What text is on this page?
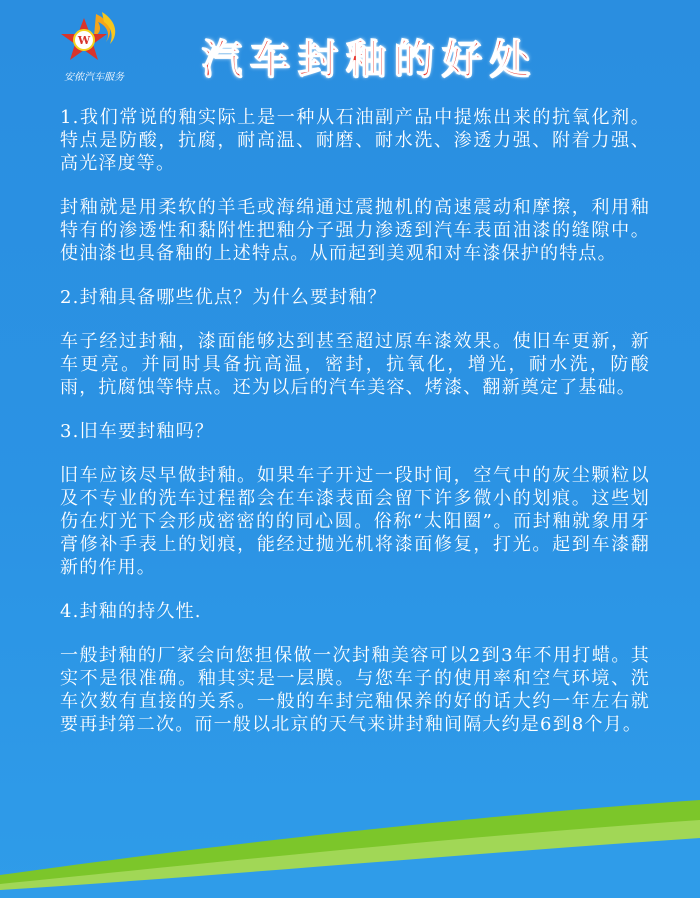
W
安侬汽车服务	汽车封釉的好处

1.我们常说的釉实际上是一种从石油副产品中提炼出来的抗氧化剂。特点是防酸，抗腐，耐高温、耐磨、耐水洗、渗透力强、附着力强、高光泽度等。

封釉就是用柔软的羊毛或海绵通过震抛机的高速震动和摩擦，利用釉特有的渗透性和黏附性把釉分子强力渗透到汽车表面油漆的缝隙中。使油漆也具备釉的上述特点。从而起到美观和对车漆保护的特点。

2.封釉具备哪些优点？为什么要封釉？

车子经过封釉，漆面能够达到甚至超过原车漆效果。使旧车更新，新车更亮。并同时具备抗高温，密封，抗氧化，增光，耐水洗，防酸雨，抗腐蚀等特点。还为以后的汽车美容、烤漆、翻新奠定了基础。

3.旧车要封釉吗？

旧车应该尽早做封釉。如果车子开过一段时间，空气中的灰尘颗粒以及不专业的洗车过程都会在车漆表面会留下许多微小的划痕。这些划伤在灯光下会形成密密的的同心圆。俗称“太阳圈”。而封釉就象用牙膏修补手表上的划痕，能经过抛光机将漆面修复，打光。起到车漆翻新的作用。

4.封釉的持久性.

一般封釉的厂家会向您担保做一次封釉美容可以2到3年不用打蜡。其实不是很准确。釉其实是一层膜。与您车子的使用率和空气环境、洗车次数有直接的关系。一般的车封完釉保养的好的话大约一年左右就要再封第二次。而一般以北京的天气来讲封釉间隔大约是6到8个月。
